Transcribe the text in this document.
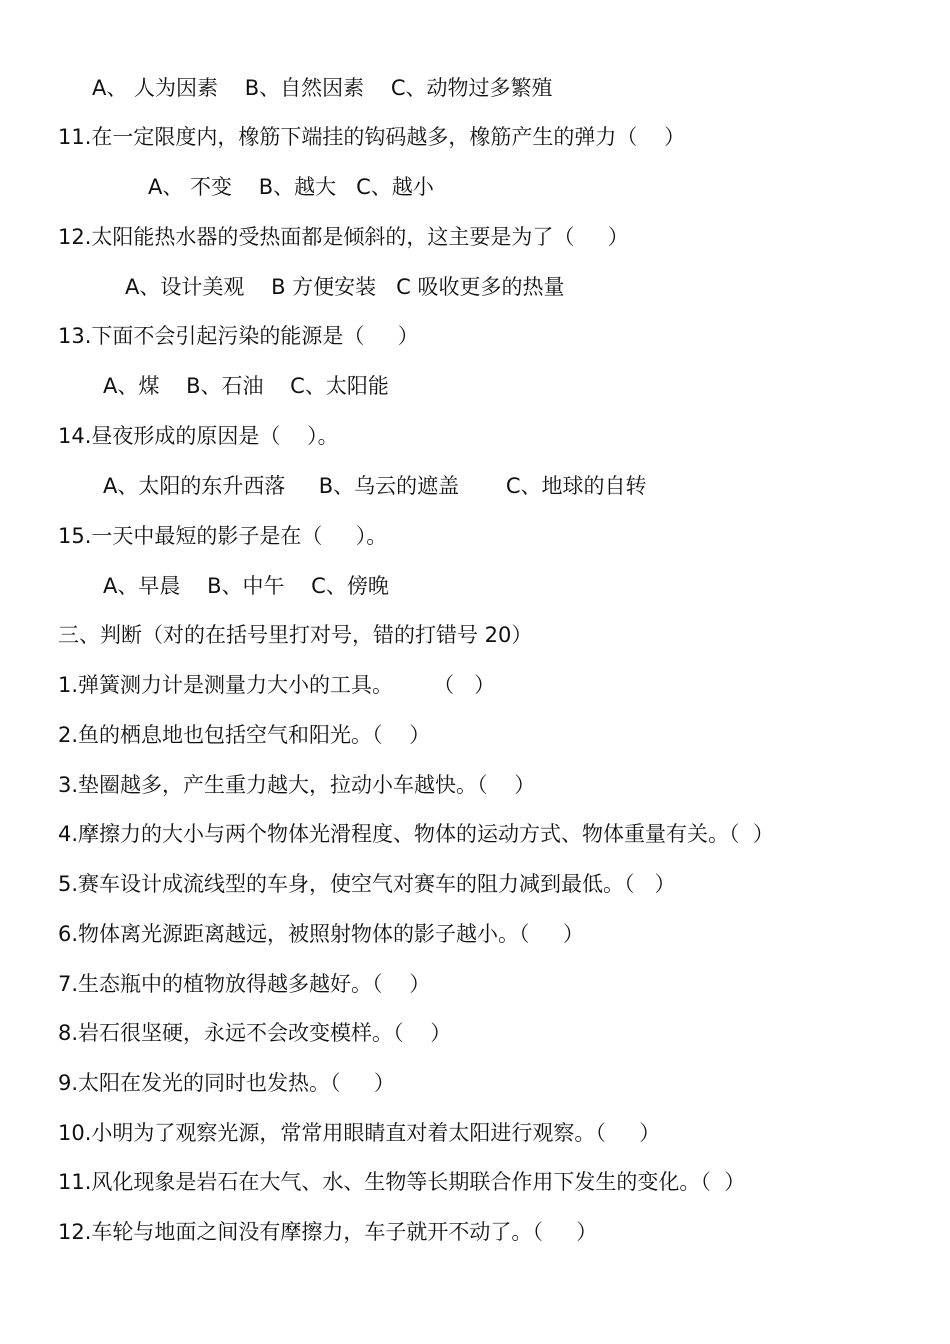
A、 人为因素    B、自然因素    C、动物过多繁殖
11.在一定限度内，橡筋下端挂的钩码越多，橡筋产生的弹力（    ）
A、 不变    B、越大   C、越小
12.太阳能热水器的受热面都是倾斜的，这主要是为了（     ）
A、设计美观    B 方便安装   C 吸收更多的热量
13.下面不会引起污染的能源是（     ）
A、煤    B、石油    C、太阳能
14.昼夜形成的原因是（    ）。
A、太阳的东升西落     B、乌云的遮盖       C、地球的自转
15.一天中最短的影子是在（     ）。
A、早晨    B、中午    C、傍晚
三、判断（对的在括号里打对号，错的打错号 20）
1.弹簧测力计是测量力大小的工具。      （   ）
2.鱼的栖息地也包括空气和阳光。（    ）
3.垫圈越多，产生重力越大，拉动小车越快。（    ）
4.摩擦力的大小与两个物体光滑程度、物体的运动方式、物体重量有关。（  ）
5.赛车设计成流线型的车身，使空气对赛车的阻力减到最低。（   ）
6.物体离光源距离越远，被照射物体的影子越小。（     ）
7.生态瓶中的植物放得越多越好。（    ）
8.岩石很坚硬，永远不会改变模样。（    ）
9.太阳在发光的同时也发热。（     ）
10.小明为了观察光源，常常用眼睛直对着太阳进行观察。（     ）
11.风化现象是岩石在大气、水、生物等长期联合作用下发生的变化。（  ）
12.车轮与地面之间没有摩擦力，车子就开不动了。（     ）
